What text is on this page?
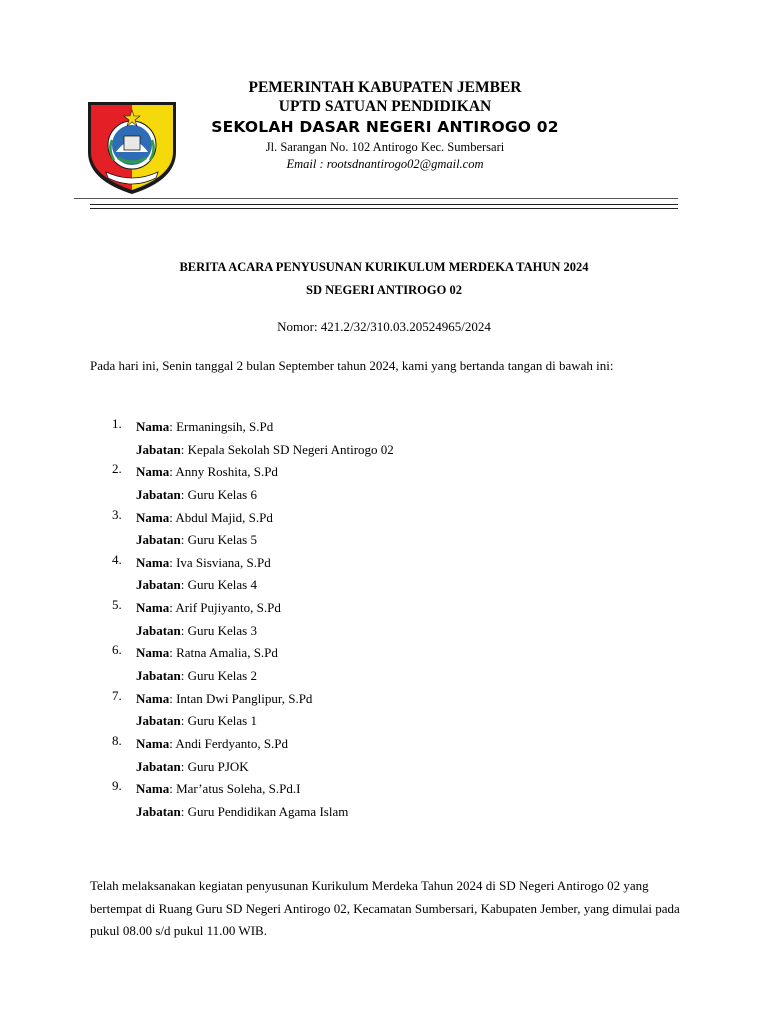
PEMERINTAH KABUPATEN JEMBER
UPTD SATUAN PENDIDIKAN
SEKOLAH DASAR NEGERI ANTIROGO 02
Jl. Sarangan No. 102 Antirogo Kec. Sumbersari
Email : rootsdnantirogo02@gmail.com
BERITA ACARA PENYUSUNAN KURIKULUM MERDEKA TAHUN 2024
SD NEGERI ANTIROGO 02
Nomor: 421.2/32/310.03.20524965/2024
Pada hari ini, Senin tanggal 2 bulan September tahun 2024, kami yang bertanda tangan di bawah ini:
1.	Nama: Ermaningsih, S.Pd
Jabatan: Kepala Sekolah SD Negeri Antirogo 02
2.	Nama: Anny Roshita, S.Pd
Jabatan: Guru Kelas 6
3.	Nama: Abdul Majid, S.Pd
Jabatan: Guru Kelas 5
4.	Nama: Iva Sisviana, S.Pd
Jabatan: Guru Kelas 4
5.	Nama: Arif Pujiyanto, S.Pd
Jabatan: Guru Kelas 3
6.	Nama: Ratna Amalia, S.Pd
Jabatan: Guru Kelas 2
7.	Nama: Intan Dwi Panglipur, S.Pd
Jabatan: Guru Kelas 1
8.	Nama: Andi Ferdyanto, S.Pd
Jabatan: Guru PJOK
9.	Nama: Mar’atus Soleha, S.Pd.I
Jabatan: Guru Pendidikan Agama Islam
Telah melaksanakan kegiatan penyusunan Kurikulum Merdeka Tahun 2024 di SD Negeri Antirogo 02 yang bertempat di Ruang Guru SD Negeri Antirogo 02, Kecamatan Sumbersari, Kabupaten Jember, yang dimulai pada pukul 08.00 s/d pukul 11.00 WIB.
